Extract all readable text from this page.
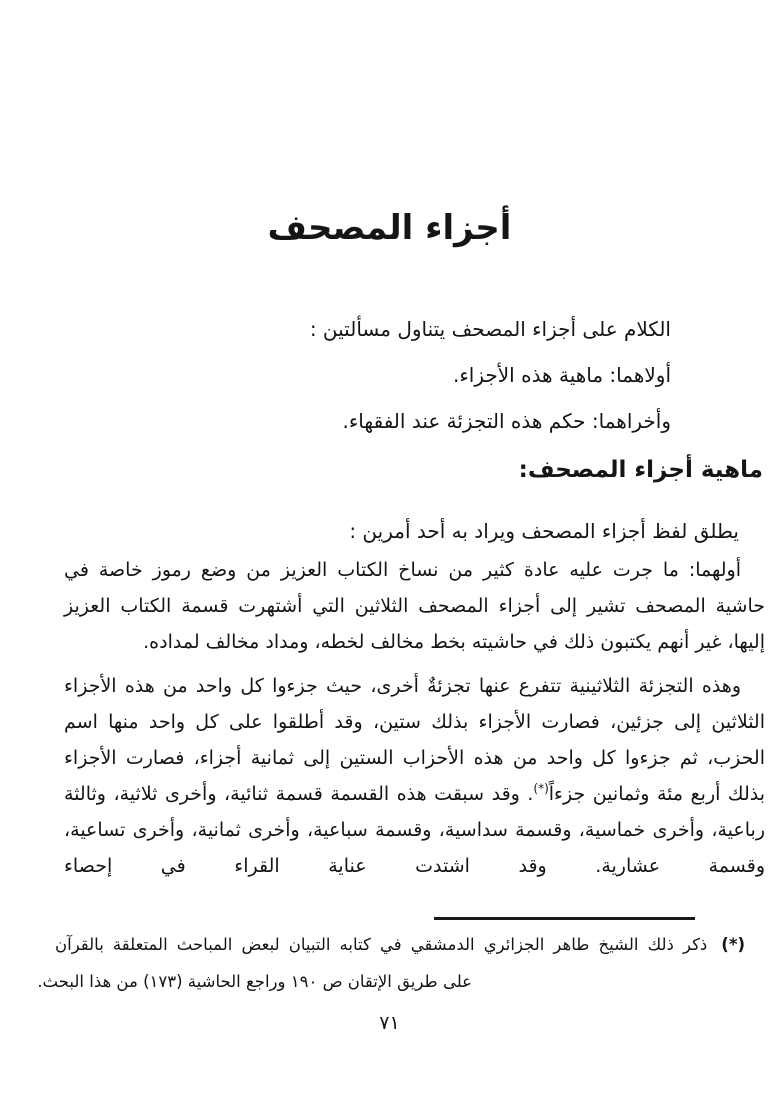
أجزاء المصحف
الكلام على أجزاء المصحف يتناول مسألتين :
أولاهما: ماهية هذه الأجزاء.
وأخراهما: حكم هذه التجزئة عند الفقهاء.
ماهية أجزاء المصحف:
يطلق لفظ أجزاء المصحف ويراد به أحد أمرين :

أولهما: ما جرت عليه عادة كثير من نساخ الكتاب العزيز من وضع رموز خاصة في حاشية المصحف تشير إلى أجزاء المصحف الثلاثين التي أشتهرت قسمة الكتاب العزيز إليها، غير أنهم يكتبون ذلك في حاشيته بخط مخالف لخطه، ومداد مخالف لمداده.

وهذه التجزئة الثلاثينية تتفرع عنها تجزئةٌ أخرى، حيث جزءوا كل واحد من هذه الأجزاء الثلاثين إلى جزئين، فصارت الأجزاء بذلك ستين، وقد أطلقوا على كل واحد منها اسم الحزب، ثم جزءوا كل واحد من هذه الأحزاب الستين إلى ثمانية أجزاء، فصارت الأجزاء بذلك أربع مئة وثمانين جزءاً(*). وقد سبقت هذه القسمة قسمة ثنائية، وأخرى ثلاثية، وثالثة رباعية، وأخرى خماسية، وقسمة سداسية، وقسمة سباعية، وأخرى ثمانية، وأخرى تساعية، وقسمة عشارية. وقد اشتدت عناية القراء في إحصاء

(*)
ذكر ذلك الشيخ طاهر الجزائري الدمشقي في كتابه التبيان لبعض المباحث المتعلقة بالقرآن
على طريق الإتقان ص ١٩٠ وراجع الحاشية (١٧٣) من هذا البحث.
٧١
